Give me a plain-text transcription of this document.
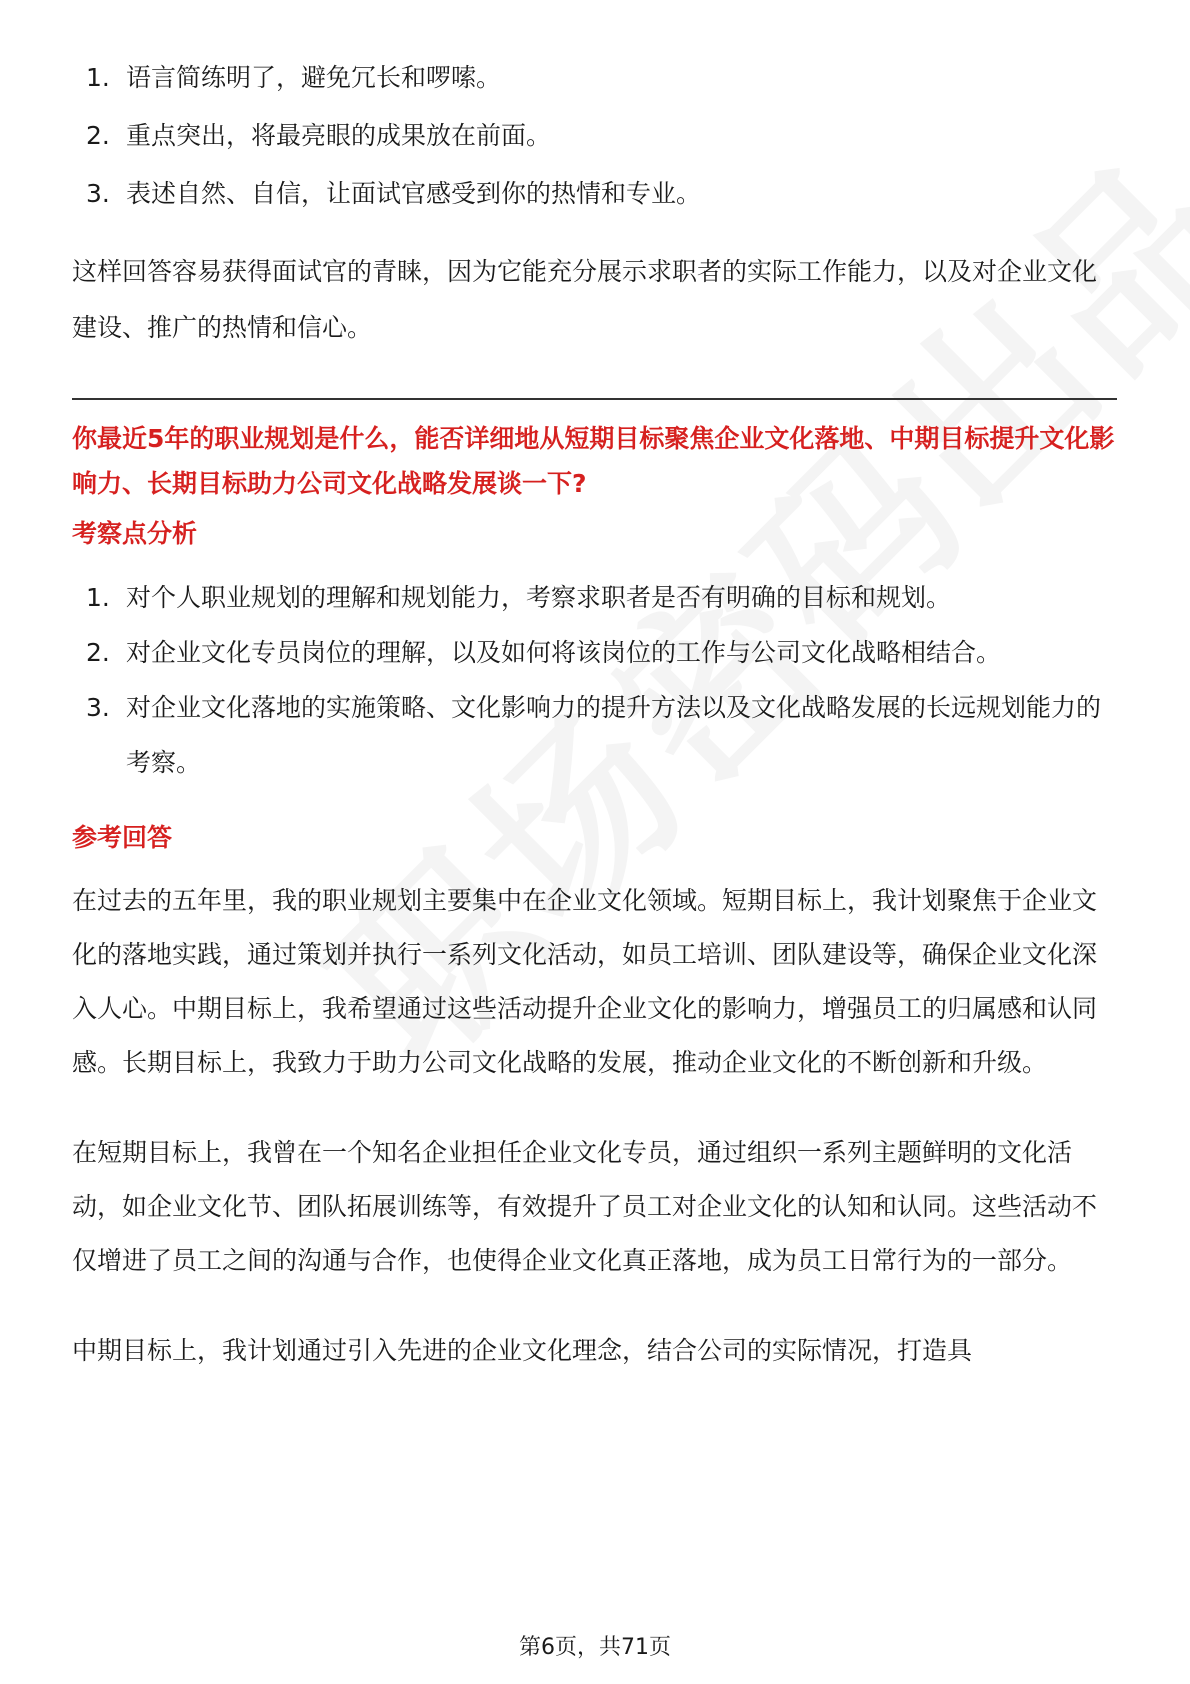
1. 语言简练明了，避免冗长和啰嗦。
2. 重点突出，将最亮眼的成果放在前面。
3. 表述自然、自信，让面试官感受到你的热情和专业。

这样回答容易获得面试官的青睐，因为它能充分展示求职者的实际工作能力，以及对企业文化建设、推广的热情和信心。

你最近5年的职业规划是什么，能否详细地从短期目标聚焦企业文化落地、中期目标提升文化影响力、长期目标助力公司文化战略发展谈一下?

考察点分析
1. 对个人职业规划的理解和规划能力，考察求职者是否有明确的目标和规划。
2. 对企业文化专员岗位的理解，以及如何将该岗位的工作与公司文化战略相结合。
3. 对企业文化落地的实施策略、文化影响力的提升方法以及文化战略发展的长远规划能力的考察。
参考回答

在过去的五年里，我的职业规划主要集中在企业文化领域。短期目标上，我计划聚焦于企业文化的落地实践，通过策划并执行一系列文化活动，如员工培训、团队建设等，确保企业文化深入人心。中期目标上，我希望通过这些活动提升企业文化的影响力，增强员工的归属感和认同感。长期目标上，我致力于助力公司文化战略的发展，推动企业文化的不断创新和升级。

在短期目标上，我曾在一个知名企业担任企业文化专员，通过组织一系列主题鲜明的文化活动，如企业文化节、团队拓展训练等，有效提升了员工对企业文化的认知和认同。这些活动不仅增进了员工之间的沟通与合作，也使得企业文化真正落地，成为员工日常行为的一部分。

中期目标上，我计划通过引入先进的企业文化理念，结合公司的实际情况，打造具

第6页，共71页
